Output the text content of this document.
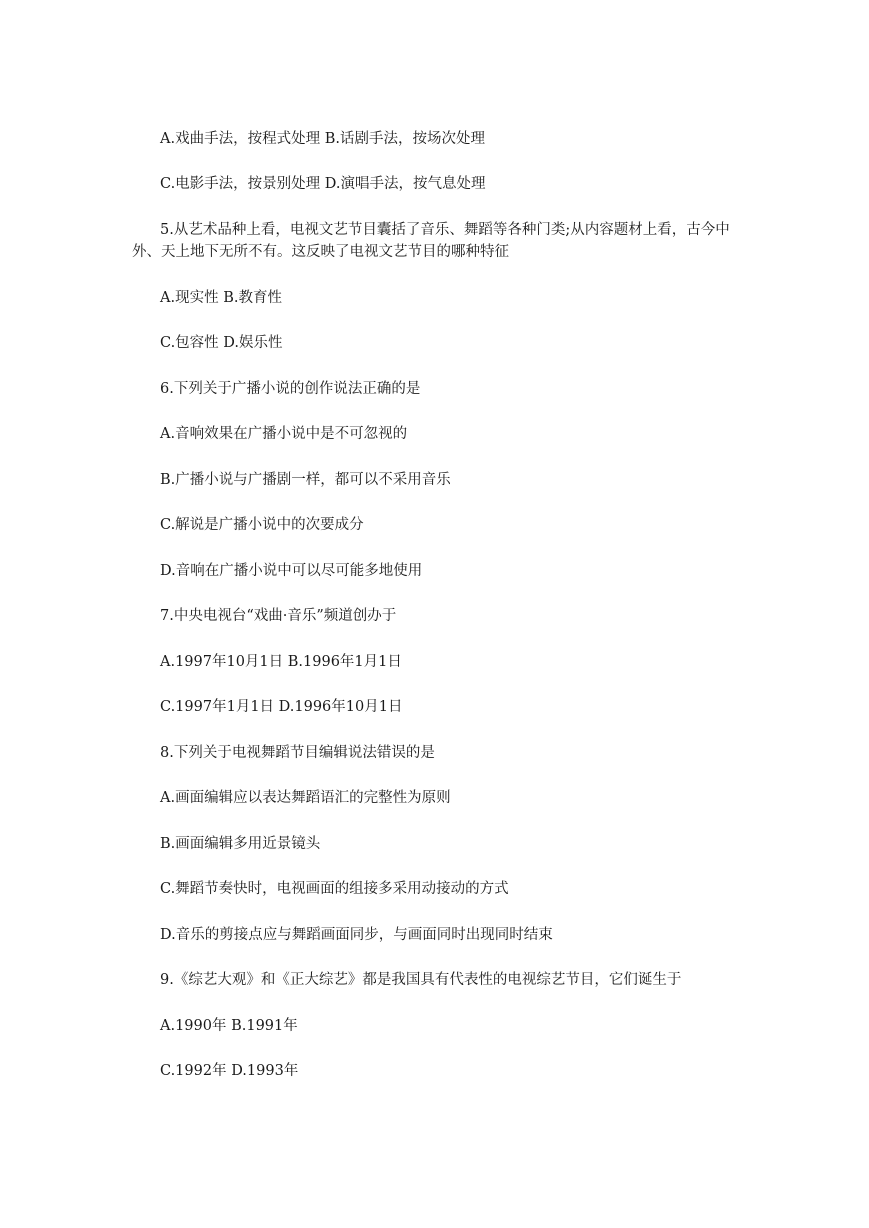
A.戏曲手法，按程式处理 B.话剧手法，按场次处理
C.电影手法，按景别处理 D.演唱手法，按气息处理
5.从艺术品种上看，电视文艺节目囊括了音乐、舞蹈等各种门类;从内容题材上看，古今中外、天上地下无所不有。这反映了电视文艺节目的哪种特征
A.现实性 B.教育性
C.包容性 D.娱乐性
6.下列关于广播小说的创作说法正确的是
A.音响效果在广播小说中是不可忽视的
B.广播小说与广播剧一样，都可以不采用音乐
C.解说是广播小说中的次要成分
D.音响在广播小说中可以尽可能多地使用
7.中央电视台“戏曲·音乐”频道创办于
A.1997年10月1日 B.1996年1月1日
C.1997年1月1日 D.1996年10月1日
8.下列关于电视舞蹈节目编辑说法错误的是
A.画面编辑应以表达舞蹈语汇的完整性为原则
B.画面编辑多用近景镜头
C.舞蹈节奏快时，电视画面的组接多采用动接动的方式
D.音乐的剪接点应与舞蹈画面同步，与画面同时出现同时结束
9.《综艺大观》和《正大综艺》都是我国具有代表性的电视综艺节目，它们诞生于
A.1990年 B.1991年
C.1992年 D.1993年
